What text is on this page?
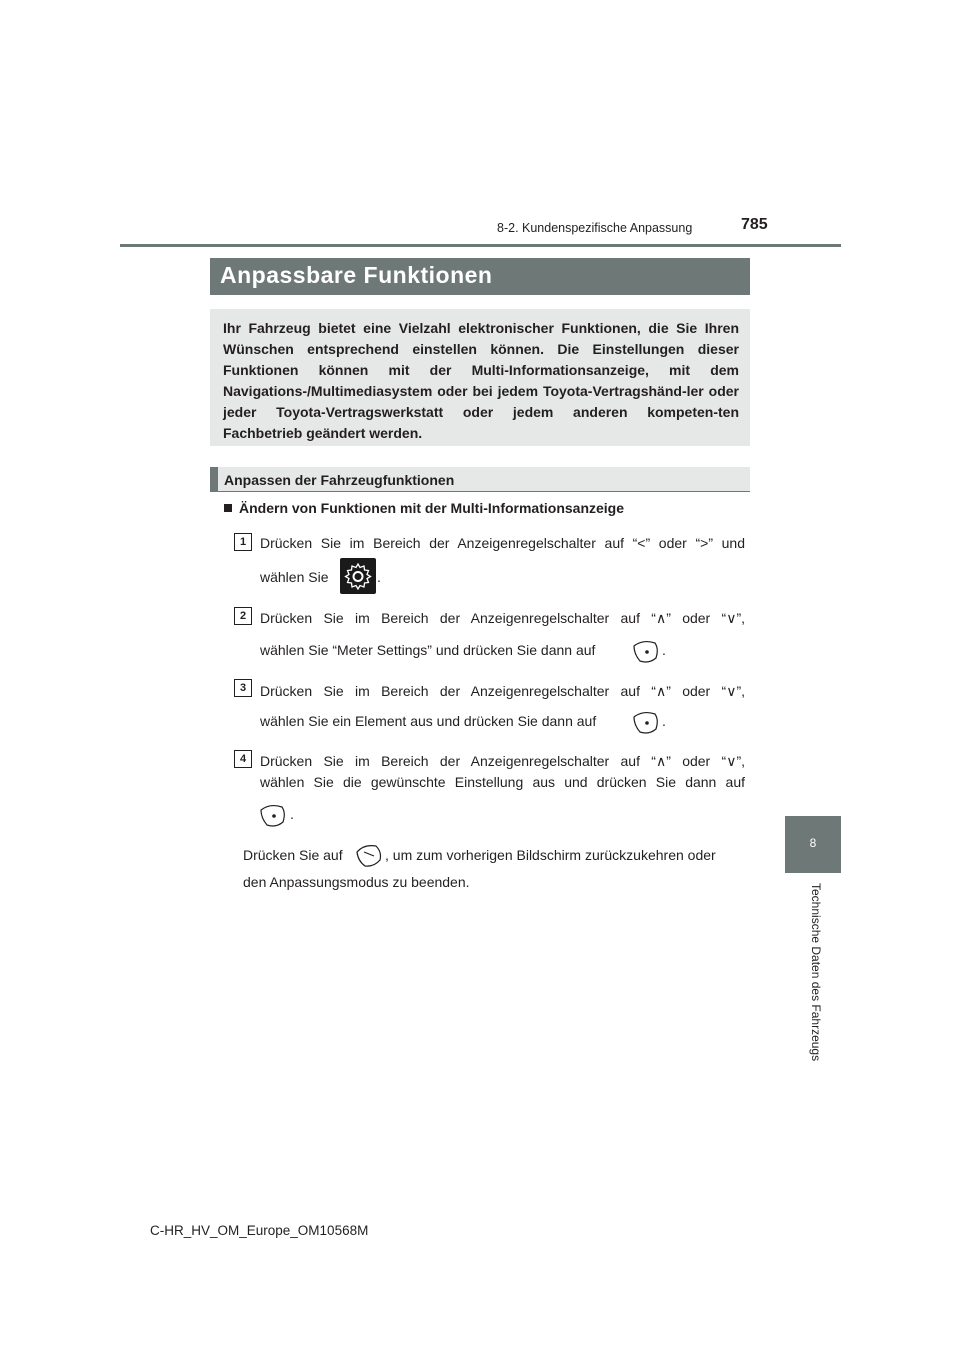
8-2. Kundenspezifische Anpassung	785
Anpassbare Funktionen
Ihr Fahrzeug bietet eine Vielzahl elektronischer Funktionen, die Sie Ihren Wünschen entsprechend einstellen können. Die Einstellungen dieser Funktionen können mit der Multi-Informationsanzeige, mit dem Navigations-/Multimediasystem oder bei jedem Toyota-Vertragshänd-ler oder jeder Toyota-Vertragswerkstatt oder jedem anderen kompeten-ten Fachbetrieb geändert werden.
Anpassen der Fahrzeugfunktionen
Ändern von Funktionen mit der Multi-Informationsanzeige
1 Drücken Sie im Bereich der Anzeigenregelschalter auf “<” oder “>” und
wählen Sie	.
2 Drücken Sie im Bereich der Anzeigenregelschalter auf “∧” oder “∨”,
wählen Sie “Meter Settings” und drücken Sie dann auf	.
3 Drücken Sie im Bereich der Anzeigenregelschalter auf “∧” oder “∨”,
wählen Sie ein Element aus und drücken Sie dann auf	.
4 Drücken Sie im Bereich der Anzeigenregelschalter auf “∧” oder “∨”,
wählen Sie die gewünschte Einstellung aus und drücken Sie dann auf
.
Drücken Sie auf	, um zum vorherigen Bildschirm zurückzukehren oder
den Anpassungsmodus zu beenden.
8
Technische Daten des Fahrzeugs
C-HR_HV_OM_Europe_OM10568M
